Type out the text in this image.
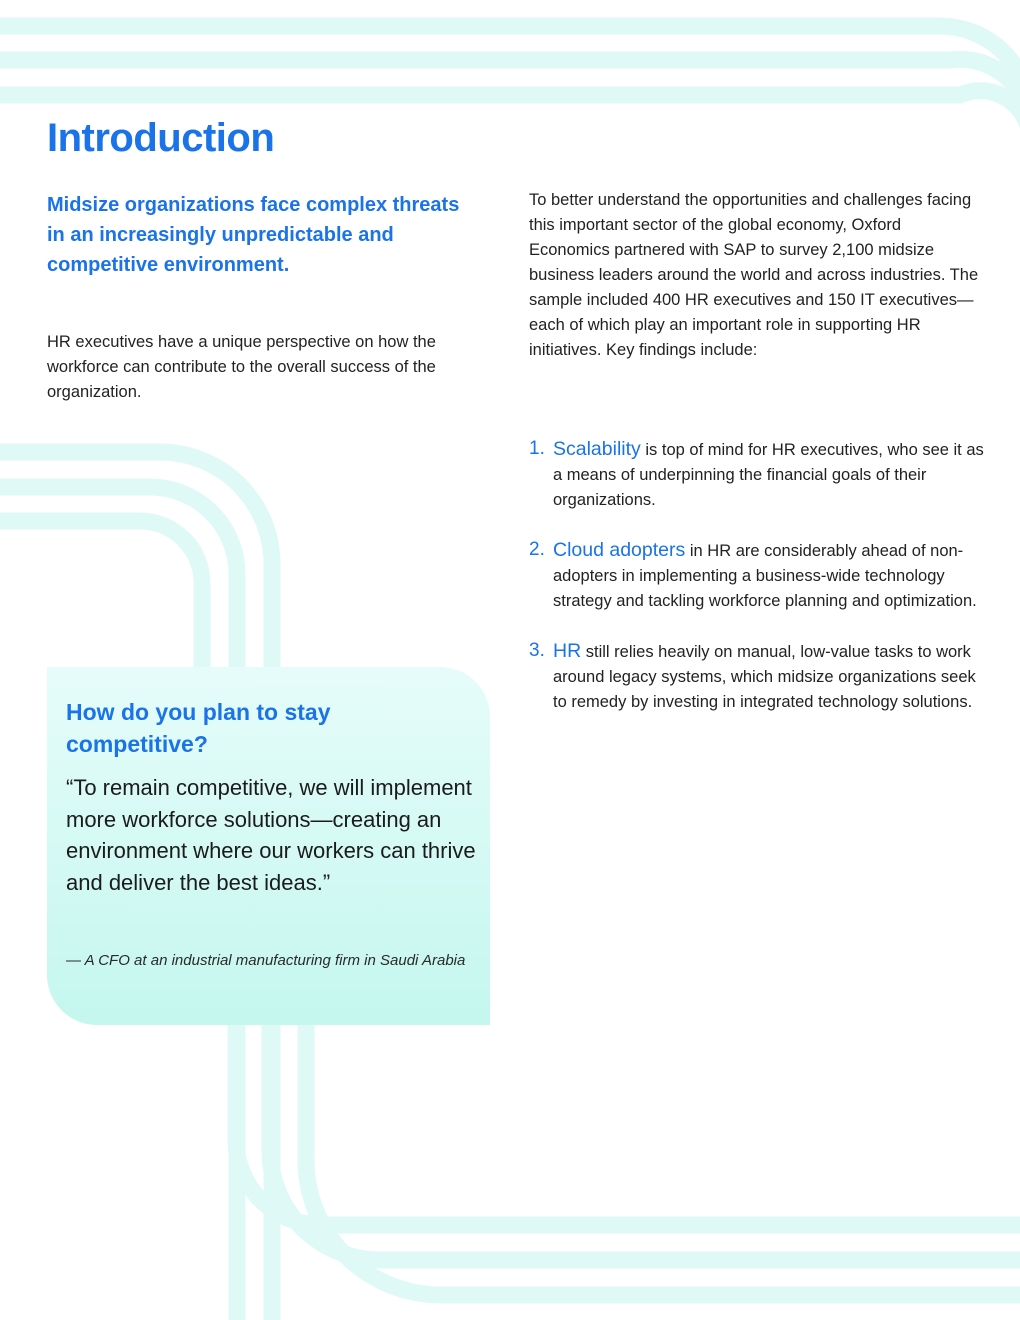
Introduction

Midsize organizations face complex threats in an increasingly unpredictable and competitive environment.

HR executives have a unique perspective on how the workforce can contribute to the overall success of the organization.

To better understand the opportunities and challenges facing this important sector of the global economy, Oxford Economics partnered with SAP to survey 2,100 midsize business leaders around the world and across industries. The sample included 400 HR executives and 150 IT executives—each of which play an important role in supporting HR initiatives. Key findings include:

1. Scalability is top of mind for HR executives, who see it as a means of underpinning the financial goals of their organizations.
2. Cloud adopters in HR are considerably ahead of non-adopters in implementing a business-wide technology strategy and tackling workforce planning and optimization.
3. HR still relies heavily on manual, low-value tasks to work around legacy systems, which midsize organizations seek to remedy by investing in integrated technology solutions.
How do you plan to stay competitive?

“To remain competitive, we will implement more workforce solutions—creating an environment where our workers can thrive and deliver the best ideas.”

— A CFO at an industrial manufacturing firm in Saudi Arabia
